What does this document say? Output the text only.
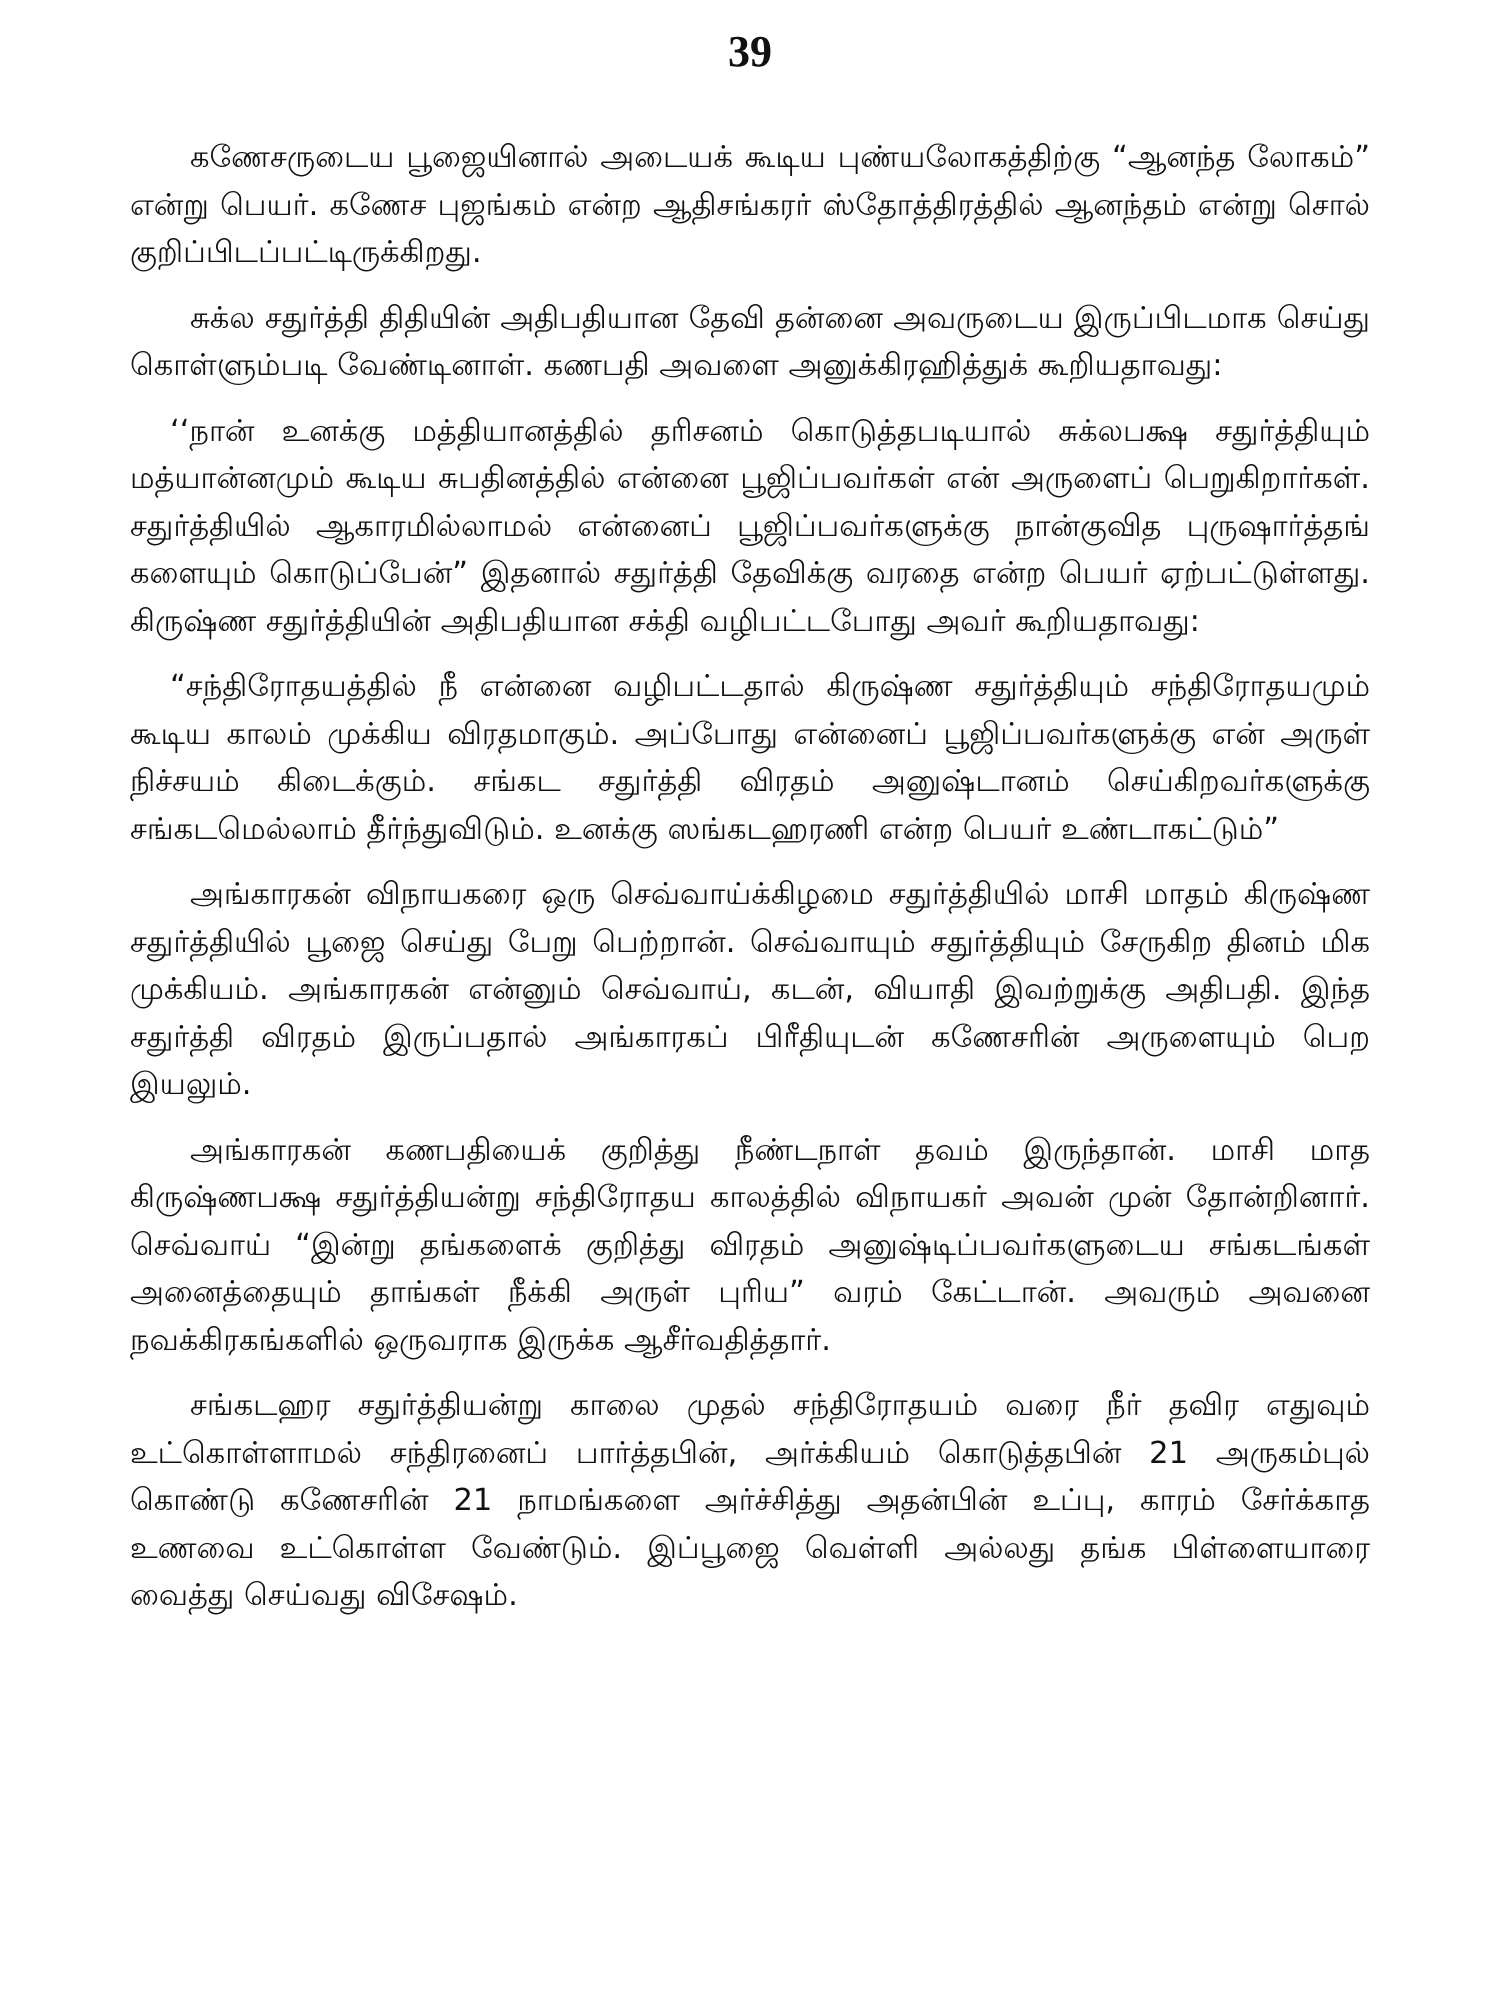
39

கணேசருடைய பூஜையினால் அடையக் கூடிய புண்யலோகத்திற்கு “ஆனந்த லோகம்” என்று பெயர். கணேச புஜங்கம் என்ற ஆதிசங்கரர் ஸ்தோத்திரத்தில் ஆனந்தம் என்று சொல் குறிப்பிடப்பட்டிருக்கிறது.

சுக்ல சதுர்த்தி திதியின் அதிபதியான தேவி தன்னை அவருடைய இருப்பிடமாக செய்து கொள்ளும்படி வேண்டினாள். கணபதி அவளை அனுக்கிரஹித்துக் கூறியதாவது:

‘‘நான் உனக்கு மத்தியானத்தில் தரிசனம் கொடுத்தபடியால் சுக்லபக்ஷ சதுர்த்தியும் மத்யான்னமும் கூடிய சுபதினத்தில் என்னை பூஜிப்பவர்கள் என் அருளைப் பெறுகிறார்கள். சதுர்த்தியில் ஆகாரமில்லாமல் என்னைப் பூஜிப்பவர்களுக்கு நான்குவித புருஷார்த்தங் களையும் கொடுப்பேன்” இதனால் சதுர்த்தி தேவிக்கு வரதை என்ற பெயர் ஏற்பட்டுள்ளது. கிருஷ்ண சதுர்த்தியின் அதிபதியான சக்தி வழிபட்டபோது அவர் கூறியதாவது:

“சந்திரோதயத்தில் நீ என்னை வழிபட்டதால் கிருஷ்ண சதுர்த்தியும் சந்திரோதயமும் கூடிய காலம் முக்கிய விரதமாகும். அப்போது என்னைப் பூஜிப்பவர்களுக்கு என் அருள் நிச்சயம் கிடைக்கும். சங்கட சதுர்த்தி விரதம் அனுஷ்டானம் செய்கிறவர்களுக்கு சங்கடமெல்லாம் தீர்ந்துவிடும். உனக்கு ஸங்கடஹரணி என்ற பெயர் உண்டாகட்டும்”

அங்காரகன் விநாயகரை ஒரு செவ்வாய்க்கிழமை சதுர்த்தியில் மாசி மாதம் கிருஷ்ண சதுர்த்தியில் பூஜை செய்து பேறு பெற்றான். செவ்வாயும் சதுர்த்தியும் சேருகிற தினம் மிக முக்கியம். அங்காரகன் என்னும் செவ்வாய், கடன், வியாதி இவற்றுக்கு அதிபதி. இந்த சதுர்த்தி விரதம் இருப்பதால் அங்காரகப் பிரீதியுடன் கணேசரின் அருளையும் பெற இயலும்.

அங்காரகன் கணபதியைக் குறித்து நீண்டநாள் தவம் இருந்தான். மாசி மாத கிருஷ்ணபக்ஷ சதுர்த்தியன்று சந்திரோதய காலத்தில் விநாயகர் அவன் முன் தோன்றினார். செவ்வாய் “இன்று தங்களைக் குறித்து விரதம் அனுஷ்டிப்பவர்களுடைய சங்கடங்கள் அனைத்தையும் தாங்கள் நீக்கி அருள் புரிய” வரம் கேட்டான். அவரும் அவனை நவக்கிரகங்களில் ஒருவராக இருக்க ஆசீர்வதித்தார்.

சங்கடஹர சதுர்த்தியன்று காலை முதல் சந்திரோதயம் வரை நீர் தவிர எதுவும் உட்கொள்ளாமல் சந்திரனைப் பார்த்தபின், அர்க்கியம் கொடுத்தபின் 21 அருகம்புல் கொண்டு கணேசரின் 21 நாமங்களை அர்ச்சித்து அதன்பின் உப்பு, காரம் சேர்க்காத உணவை உட்கொள்ள வேண்டும். இப்பூஜை வெள்ளி அல்லது தங்க பிள்ளையாரை வைத்து செய்வது விசேஷம்.
